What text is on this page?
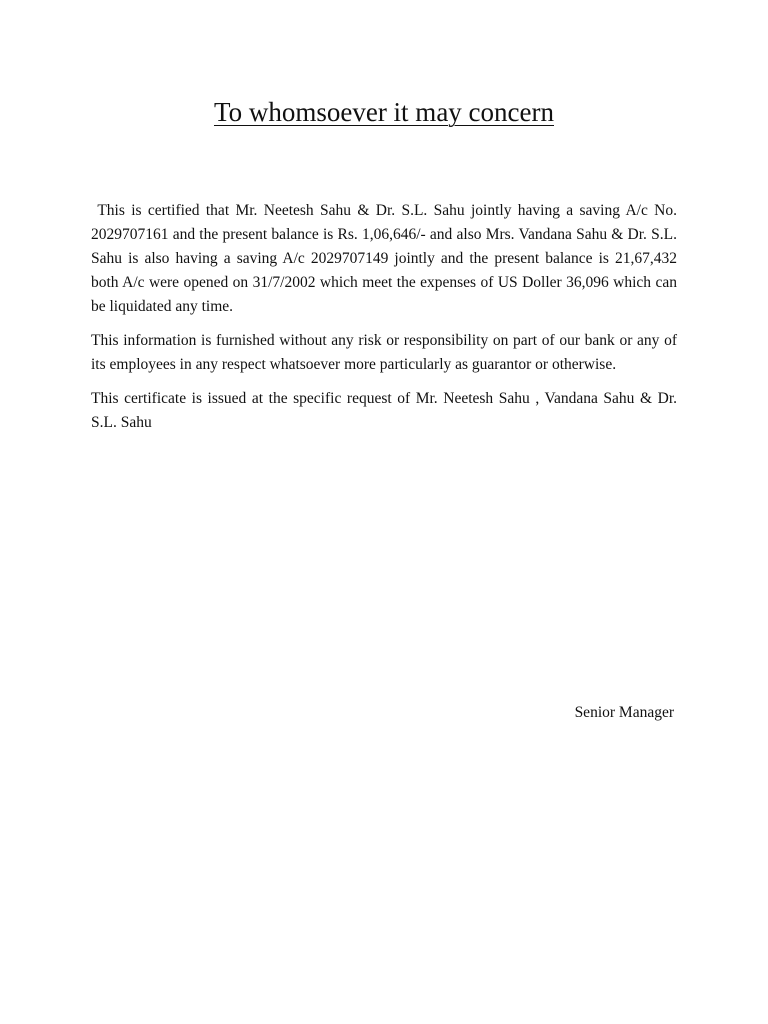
To whomsoever it may concern

This is certified that Mr. Neetesh Sahu & Dr. S.L. Sahu jointly having a saving A/c No. 2029707161 and the present balance is Rs. 1,06,646/- and also Mrs. Vandana Sahu & Dr. S.L. Sahu is also having a saving A/c 2029707149 jointly and the present balance is 21,67,432 both A/c were opened on 31/7/2002 which meet the expenses of US Doller 36,096 which can be liquidated any time.

This information is furnished without any risk or responsibility on part of our bank or any of its employees in any respect whatsoever more particularly as guarantor or otherwise.

This certificate is issued at the specific request of Mr. Neetesh Sahu , Vandana Sahu & Dr. S.L. Sahu

Senior Manager
